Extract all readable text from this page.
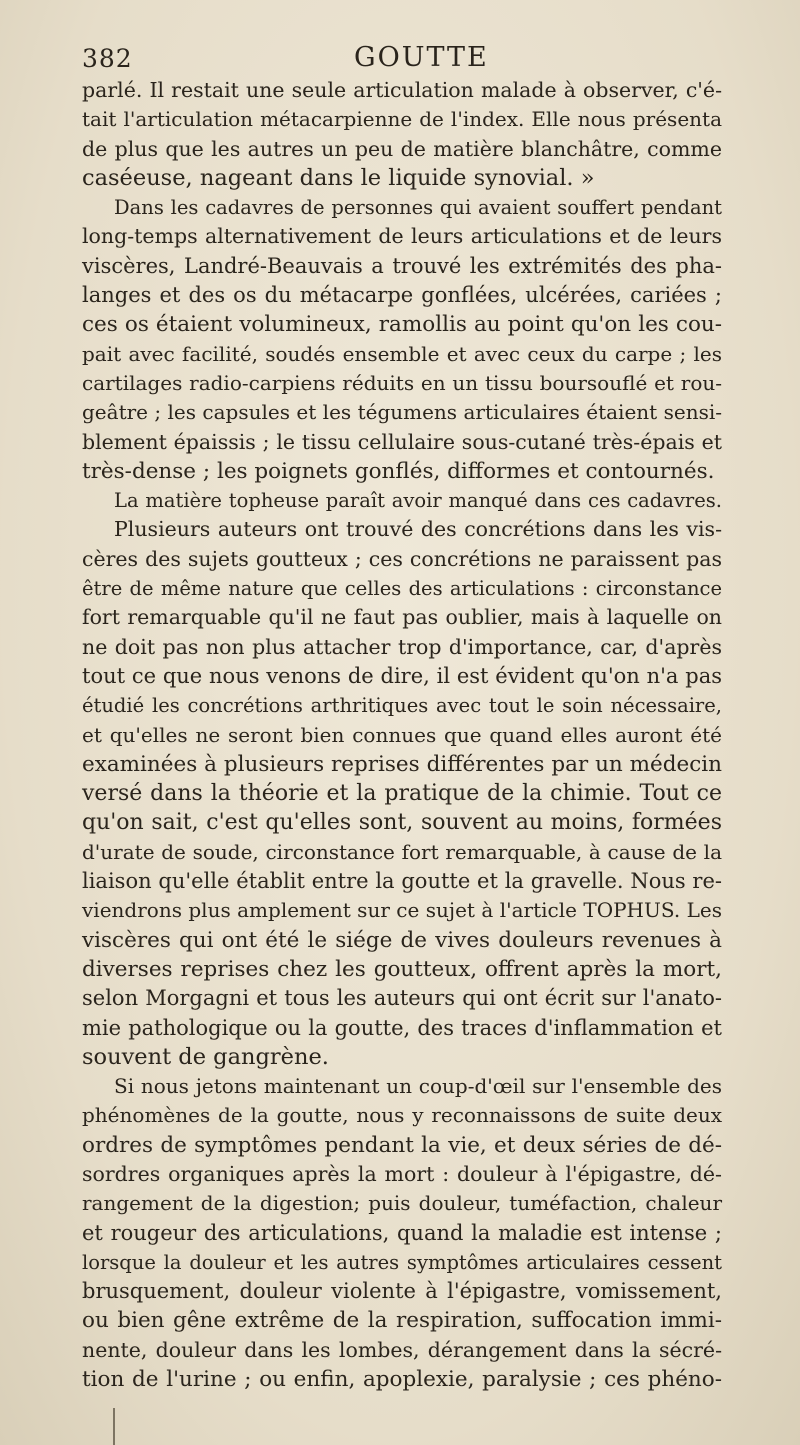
382	GOUTTE
parlé. Il restait une seule articulation malade à observer, c'é-
tait l'articulation métacarpienne de l'index. Elle nous présenta
de plus que les autres un peu de matière blanchâtre, comme
caséeuse, nageant dans le liquide synovial. »
Dans les cadavres de personnes qui avaient souffert pendant
long-temps alternativement de leurs articulations et de leurs
viscères, Landré-Beauvais a trouvé les extrémités des pha-
langes et des os du métacarpe gonflées, ulcérées, cariées ;
ces os étaient volumineux, ramollis au point qu'on les cou-
pait avec facilité, soudés ensemble et avec ceux du carpe ; les
cartilages radio-carpiens réduits en un tissu boursouflé et rou-
geâtre ; les capsules et les tégumens articulaires étaient sensi-
blement épaissis ; le tissu cellulaire sous-cutané très-épais et
très-dense ; les poignets gonflés, difformes et contournés.
La matière topheuse paraît avoir manqué dans ces cadavres.
Plusieurs auteurs ont trouvé des concrétions dans les vis-
cères des sujets goutteux ; ces concrétions ne paraissent pas
être de même nature que celles des articulations : circonstance
fort remarquable qu'il ne faut pas oublier, mais à laquelle on
ne doit pas non plus attacher trop d'importance, car, d'après
tout ce que nous venons de dire, il est évident qu'on n'a pas
étudié les concrétions arthritiques avec tout le soin nécessaire,
et qu'elles ne seront bien connues que quand elles auront été
examinées à plusieurs reprises différentes par un médecin
versé dans la théorie et la pratique de la chimie. Tout ce
qu'on sait, c'est qu'elles sont, souvent au moins, formées
d'urate de soude, circonstance fort remarquable, à cause de la
liaison qu'elle établit entre la goutte et la gravelle. Nous re-
viendrons plus amplement sur ce sujet à l'article TOPHUS. Les
viscères qui ont été le siége de vives douleurs revenues à
diverses reprises chez les goutteux, offrent après la mort,
selon Morgagni et tous les auteurs qui ont écrit sur l'anato-
mie pathologique ou la goutte, des traces d'inflammation et
souvent de gangrène.
Si nous jetons maintenant un coup-d'œil sur l'ensemble des
phénomènes de la goutte, nous y reconnaissons de suite deux
ordres de symptômes pendant la vie, et deux séries de dé-
sordres organiques après la mort : douleur à l'épigastre, dé-
rangement de la digestion; puis douleur, tuméfaction, chaleur
et rougeur des articulations, quand la maladie est intense ;
lorsque la douleur et les autres symptômes articulaires cessent
brusquement, douleur violente à l'épigastre, vomissement,
ou bien gêne extrême de la respiration, suffocation immi-
nente, douleur dans les lombes, dérangement dans la sécré-
tion de l'urine ; ou enfin, apoplexie, paralysie ; ces phéno-
